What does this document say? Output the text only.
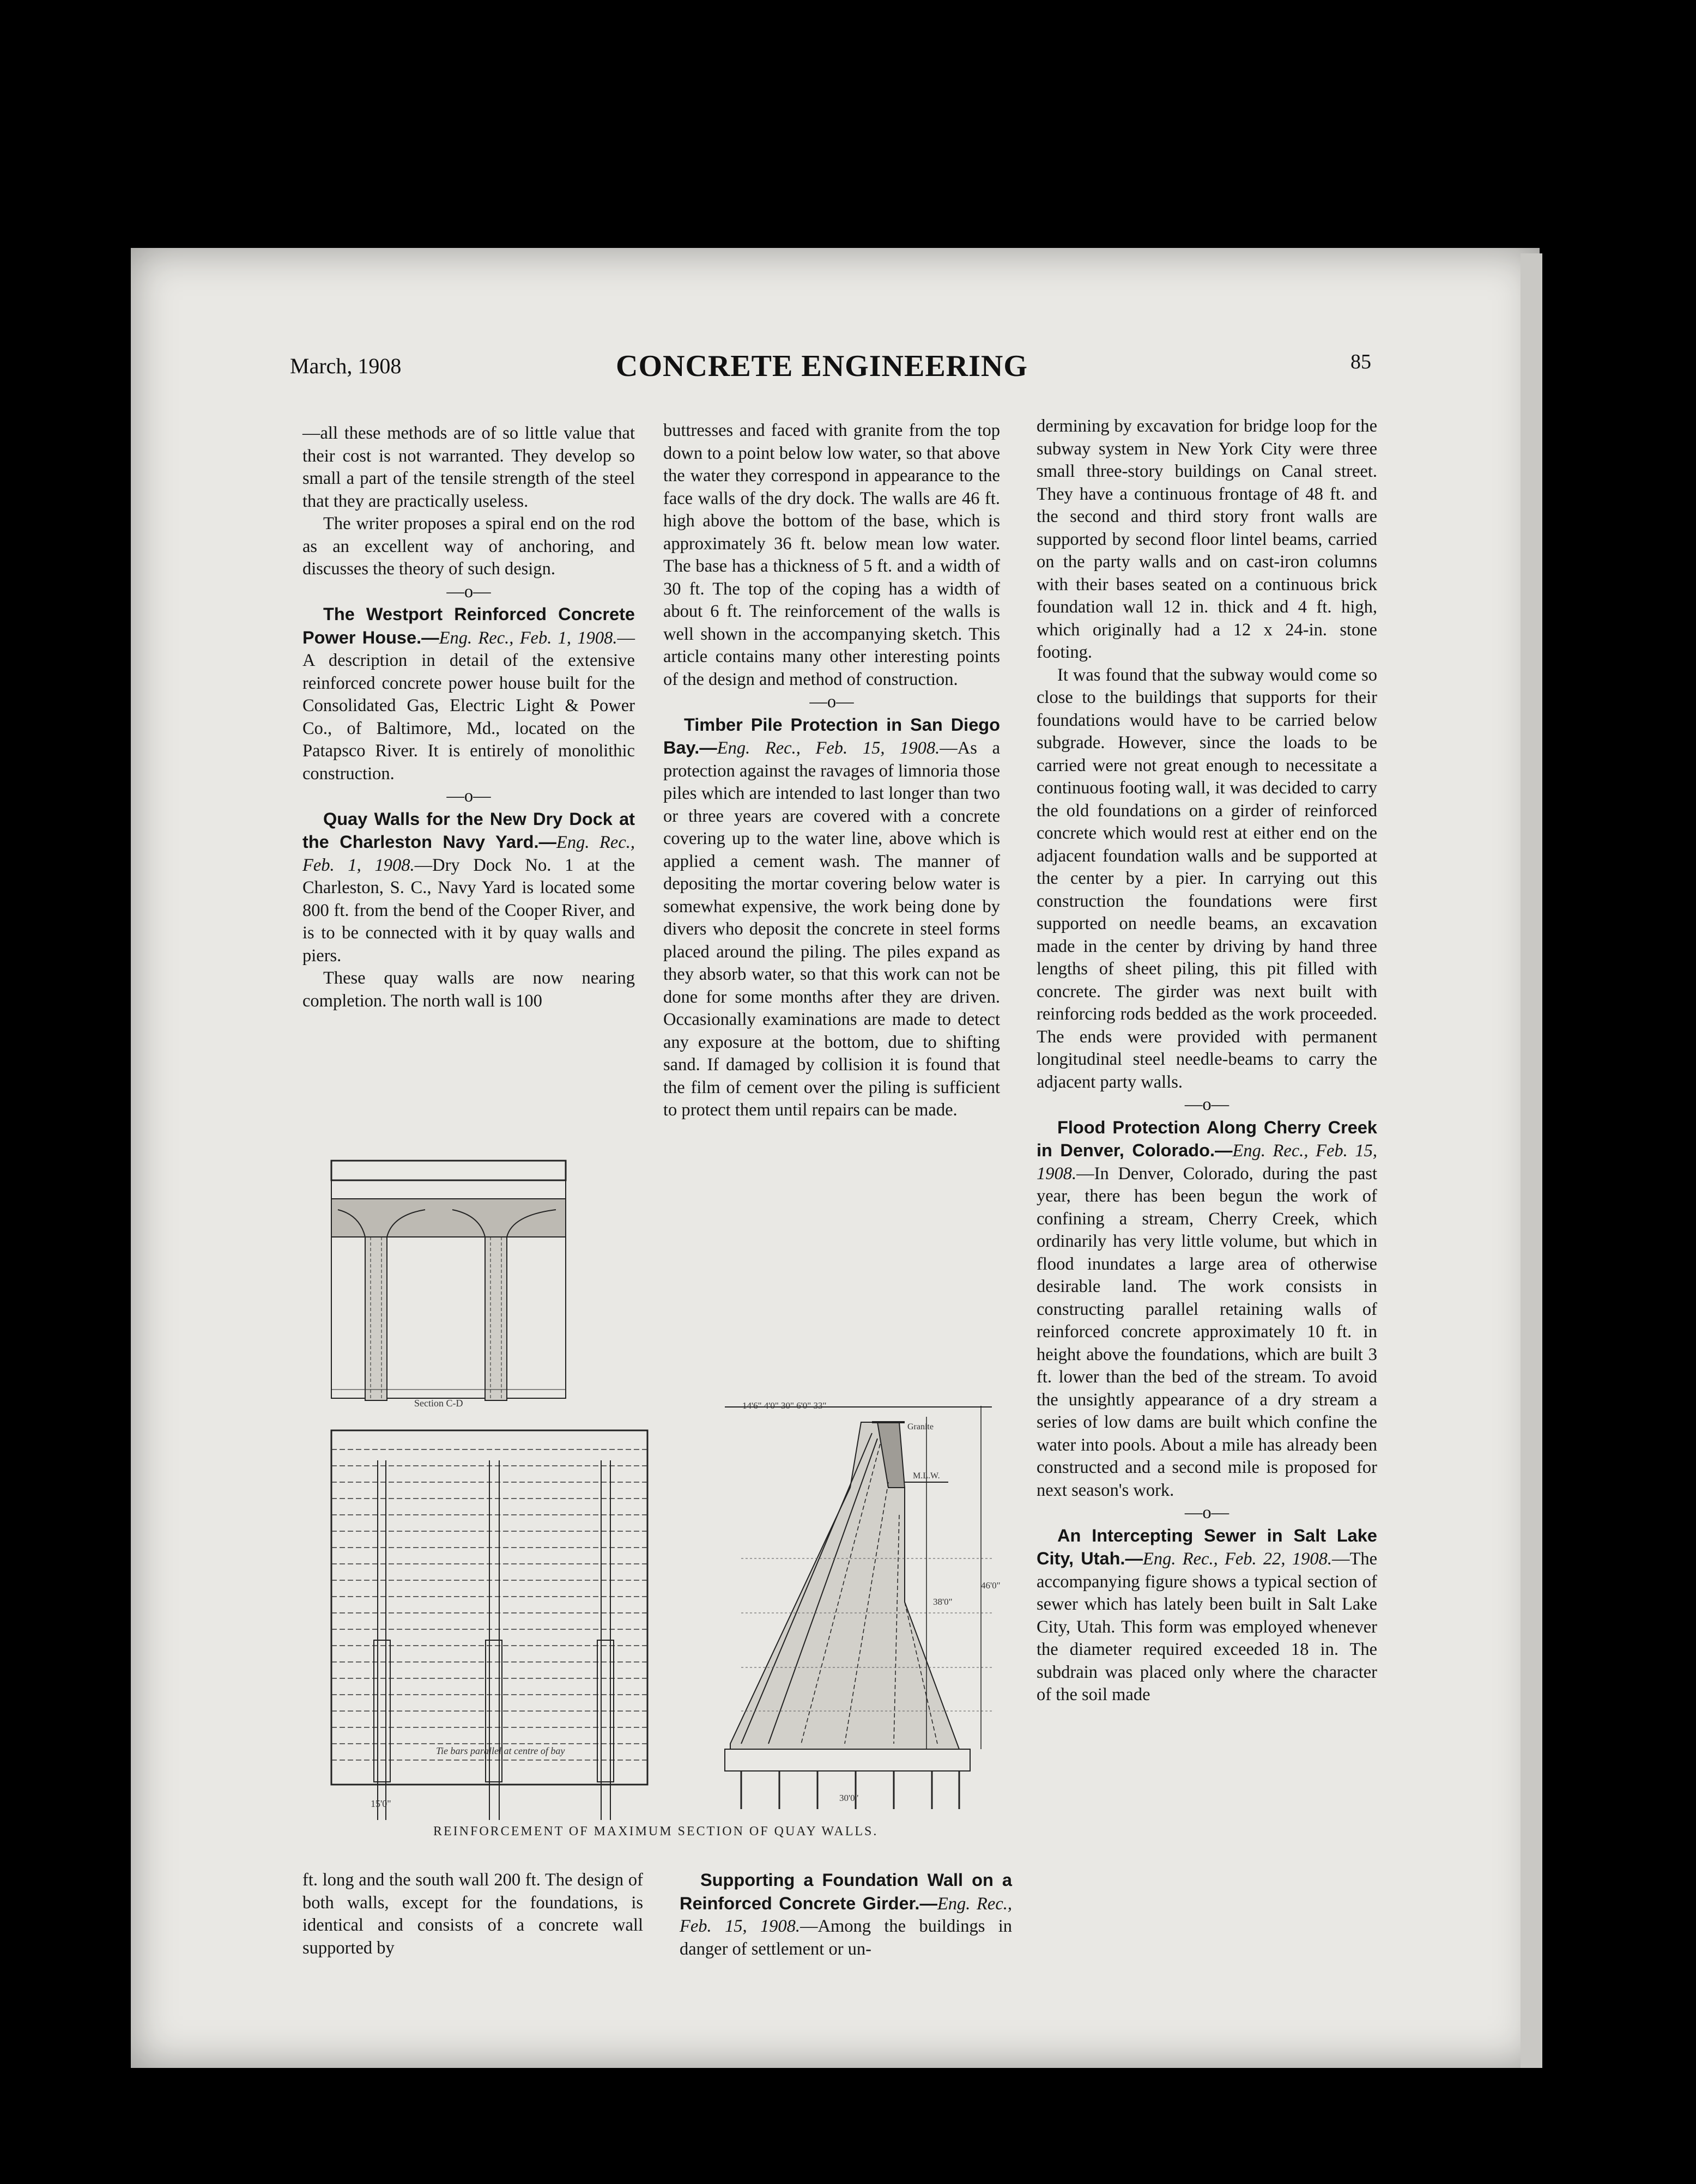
March, 1908	CONCRETE ENGINEERING	85

—all these methods are of so little value that their cost is not warranted. They develop so small a part of the tensile strength of the steel that they are practically useless.

The writer proposes a spiral end on the rod as an excellent way of anchoring, and discusses the theory of such design.

—o—

The Westport Reinforced Concrete Power House.—Eng. Rec., Feb. 1, 1908.—A description in detail of the extensive reinforced concrete power house built for the Consolidated Gas, Electric Light & Power Co., of Baltimore, Md., located on the Patapsco River. It is entirely of monolithic construction.

—o—

Quay Walls for the New Dry Dock at the Charleston Navy Yard.—Eng. Rec., Feb. 1, 1908.—Dry Dock No. 1 at the Charleston, S. C., Navy Yard is located some 800 ft. from the bend of the Cooper River, and is to be connected with it by quay walls and piers.

These quay walls are now nearing completion. The north wall is 100

buttresses and faced with granite from the top down to a point below low water, so that above the water they correspond in appearance to the face walls of the dry dock. The walls are 46 ft. high above the bottom of the base, which is approximately 36 ft. below mean low water. The base has a thickness of 5 ft. and a width of 30 ft. The top of the coping has a width of about 6 ft. The reinforcement of the walls is well shown in the accompanying sketch. This article contains many other interesting points of the design and method of construction.

—o—

Timber Pile Protection in San Diego Bay.—Eng. Rec., Feb. 15, 1908.—As a protection against the ravages of limnoria those piles which are intended to last longer than two or three years are covered with a concrete covering up to the water line, above which is applied a cement wash. The manner of depositing the mortar covering below water is somewhat expensive, the work being done by divers who deposit the concrete in steel forms placed around the piling. The piles expand as they absorb water, so that this work can not be done for some months after they are driven. Occasionally examinations are made to detect any exposure at the bottom, due to shifting sand. If damaged by collision it is found that the film of cement over the piling is sufficient to protect them until repairs can be made.

dermining by excavation for bridge loop for the subway system in New York City were three small three-story buildings on Canal street. They have a continuous frontage of 48 ft. and the second and third story front walls are supported by second floor lintel beams, carried on the party walls and on cast-iron columns with their bases seated on a continuous brick foundation wall 12 in. thick and 4 ft. high, which originally had a 12 x 24-in. stone footing.

It was found that the subway would come so close to the buildings that supports for their foundations would have to be carried below subgrade. However, since the loads to be carried were not great enough to necessitate a continuous footing wall, it was decided to carry the old foundations on a girder of reinforced concrete which would rest at either end on the adjacent foundation walls and be supported at the center by a pier. In carrying out this construction the foundations were first supported on needle beams, an excavation made in the center by driving by hand three lengths of sheet piling, this pit filled with concrete. The girder was next built with reinforcing rods bedded as the work proceeded. The ends were provided with permanent longitudinal steel needle-beams to carry the adjacent party walls.

—o—

Flood Protection Along Cherry Creek in Denver, Colorado.—Eng. Rec., Feb. 15, 1908.—In Denver, Colorado, during the past year, there has been begun the work of confining a stream, Cherry Creek, which ordinarily has very little volume, but which in flood inundates a large area of otherwise desirable land. The work consists in constructing parallel retaining walls of reinforced concrete approximately 10 ft. in height above the foundations, which are built 3 ft. lower than the bed of the stream. To avoid the unsightly appearance of a dry stream a series of low dams are built which confine the water into pools. About a mile has already been constructed and a second mile is proposed for next season's work.

—o—

An Intercepting Sewer in Salt Lake City, Utah.—Eng. Rec., Feb. 22, 1908.—The accompanying figure shows a typical section of sewer which has lately been built in Salt Lake City, Utah. This form was employed whenever the diameter required exceeded 18 in. The subdrain was placed only where the character of the soil made

ft. long and the south wall 200 ft. The design of both walls, except for the foundations, is identical and consists of a concrete wall supported by

Supporting a Foundation Wall on a Reinforced Concrete Girder.—Eng. Rec., Feb. 15, 1908.—Among the buildings in danger of settlement or un-

Section C-D
Tie bars parallel at centre of bay
15'0"
14'6" 4'0" 30" 6'0" 33"
Granite
M.L.W.
38'0"
46'0"
30'0"
REINFORCEMENT OF MAXIMUM SECTION OF QUAY WALLS.
